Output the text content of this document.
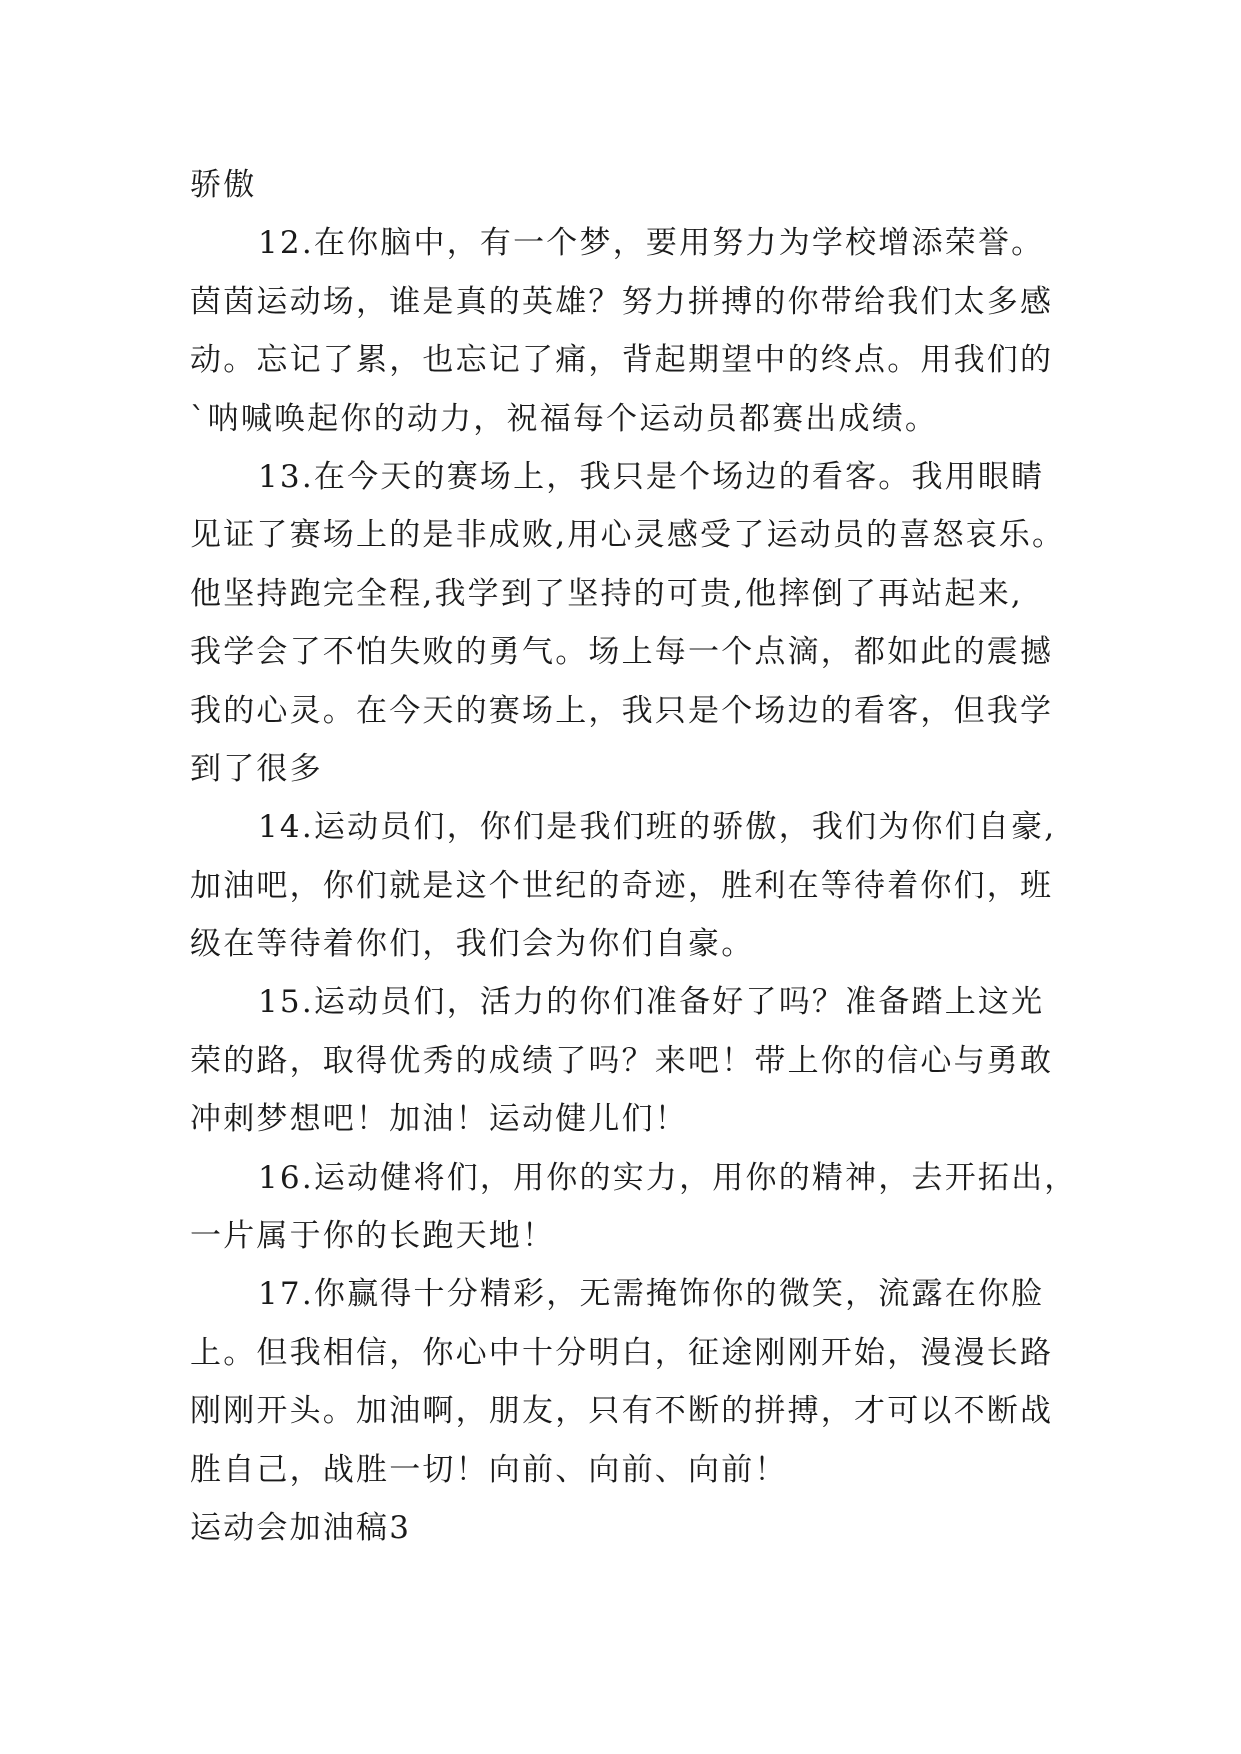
骄傲
12.在你脑中，有一个梦，要用努力为学校增添荣誉。
茵茵运动场，谁是真的英雄？努力拼搏的你带给我们太多感
动。忘记了累，也忘记了痛，背起期望中的终点。用我们的
`呐喊唤起你的动力，祝福每个运动员都赛出成绩。
13.在今天的赛场上，我只是个场边的看客。我用眼睛
见证了赛场上的是非成败,用心灵感受了运动员的喜怒哀乐。
他坚持跑完全程,我学到了坚持的可贵,他摔倒了再站起来,
我学会了不怕失败的勇气。场上每一个点滴，都如此的震撼
我的心灵。在今天的赛场上，我只是个场边的看客，但我学
到了很多
14.运动员们，你们是我们班的骄傲，我们为你们自豪,
加油吧，你们就是这个世纪的奇迹，胜利在等待着你们，班
级在等待着你们，我们会为你们自豪。
15.运动员们，活力的你们准备好了吗？准备踏上这光
荣的路，取得优秀的成绩了吗？来吧！带上你的信心与勇敢
冲刺梦想吧！加油！运动健儿们！
16.运动健将们，用你的实力，用你的精神，去开拓出，
一片属于你的长跑天地！
17.你赢得十分精彩，无需掩饰你的微笑，流露在你脸
上。但我相信，你心中十分明白，征途刚刚开始，漫漫长路
刚刚开头。加油啊，朋友，只有不断的拼搏，才可以不断战
胜自己，战胜一切！向前、向前、向前！
运动会加油稿3
